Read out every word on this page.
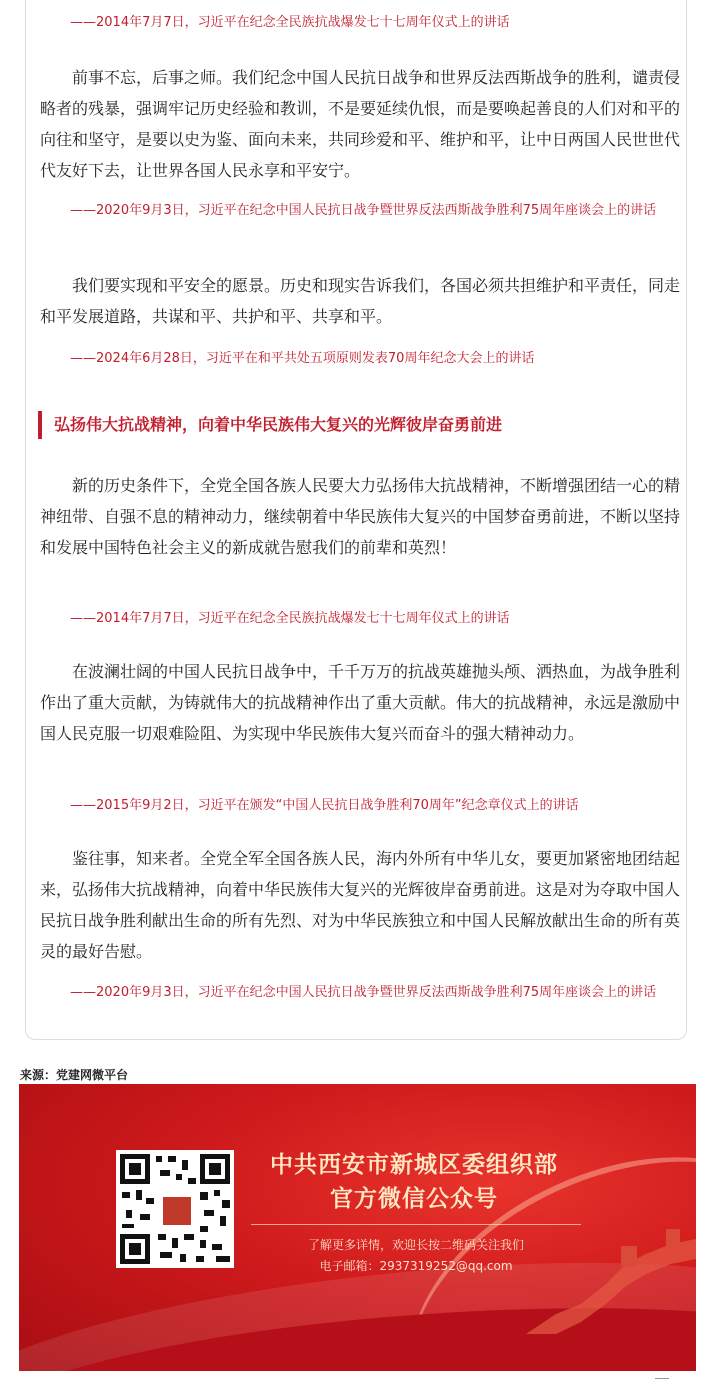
——2014年7月7日，习近平在纪念全民族抗战爆发七十七周年仪式上的讲话
前事不忘，后事之师。我们纪念中国人民抗日战争和世界反法西斯战争的胜利，谴责侵略者的残暴，强调牢记历史经验和教训，不是要延续仇恨，而是要唤起善良的人们对和平的向往和坚守，是要以史为鉴、面向未来，共同珍爱和平、维护和平，让中日两国人民世世代代友好下去，让世界各国人民永享和平安宁。
——2020年9月3日，习近平在纪念中国人民抗日战争暨世界反法西斯战争胜利75周年座谈会上的讲话
我们要实现和平安全的愿景。历史和现实告诉我们，各国必须共担维护和平责任，同走和平发展道路，共谋和平、共护和平、共享和平。
——2024年6月28日，习近平在和平共处五项原则发表70周年纪念大会上的讲话
弘扬伟大抗战精神，向着中华民族伟大复兴的光辉彼岸奋勇前进
新的历史条件下，全党全国各族人民要大力弘扬伟大抗战精神，不断增强团结一心的精神纽带、自强不息的精神动力，继续朝着中华民族伟大复兴的中国梦奋勇前进，不断以坚持和发展中国特色社会主义的新成就告慰我们的前辈和英烈！
——2014年7月7日，习近平在纪念全民族抗战爆发七十七周年仪式上的讲话
在波澜壮阔的中国人民抗日战争中，千千万万的抗战英雄抛头颅、洒热血，为战争胜利作出了重大贡献，为铸就伟大的抗战精神作出了重大贡献。伟大的抗战精神，永远是激励中国人民克服一切艰难险阻、为实现中华民族伟大复兴而奋斗的强大精神动力。
——2015年9月2日，习近平在颁发“中国人民抗日战争胜利70周年”纪念章仪式上的讲话
鉴往事，知来者。全党全军全国各族人民，海内外所有中华儿女，要更加紧密地团结起来，弘扬伟大抗战精神，向着中华民族伟大复兴的光辉彼岸奋勇前进。这是对为夺取中国人民抗日战争胜利献出生命的所有先烈、对为中华民族独立和中国人民解放献出生命的所有英灵的最好告慰。
——2020年9月3日，习近平在纪念中国人民抗日战争暨世界反法西斯战争胜利75周年座谈会上的讲话
来源：党建网微平台
中共西安市新城区委组织部
官方微信公众号
了解更多详情，欢迎长按二维码关注我们
电子邮箱：2937319252@qq.com
